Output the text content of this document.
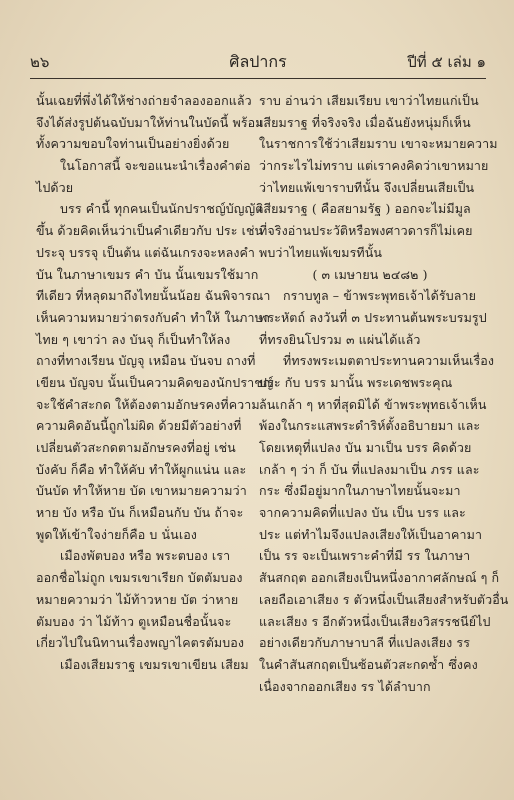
๒๖	ศิลปากร	ปีที่ ๕ เล่ม ๑
นั้นเฉยที่พึ่งได้ให้ช่างถ่ายจำลองออกแล้ว
จึงได้ส่งรูปต้นฉบับมาให้ท่านในบัดนี้ พร้อม
ทั้งความขอบใจท่านเป็นอย่างยิ่งด้วย
ในโอกาสนี้ จะขอแนะนำเรื่องคำต่อ
ไปด้วย
บรร คำนี้ ทุกคนเป็นนักปราชญ์บัญญัติ
ขึ้น ด้วยคิดเห็นว่าเป็นคำเดียวกับ ประ เช่น
ประจุ บรรจุ เป็นต้น แต่ฉันเกรงจะหลงคำ
บัน ในภาษาเขมร คำ บัน นั้นเขมรใช้มาก
ทีเดียว ที่หลุดมาถึงไทยนั้นน้อย ฉันพิจารณา
เห็นความหมายว่าตรงกับคำ ทำให้ ในภาษา
ไทย ๆ เขาว่า ลง บันจุ ก็เป็นทำให้ลง
ถางที่ทางเรียน บัญจุ เหมือน บันจบ ถางที่
เขียน บัญจบ นั้นเป็นความคิดของนักปราชญ์
จะใช้คำสะกด ให้ต้องตามอักษรคงที่ความ
ความคิดอันนี้ถูกไม่ผิด ด้วยมีตัวอย่างที่
เปลี่ยนตัวสะกดตามอักษรคงที่อยู่ เช่น
บังคับ ก็คือ ทำให้คับ ทำให้ผูกแน่น และ
บันบัด ทำให้หาย บัด เขาหมายความว่า
หาย บัง หรือ บัน ก็เหมือนกับ บัน ถ้าจะ
พูดให้เข้าใจง่ายก็คือ บ นั่นเอง
เมืองพัตบอง หรือ พระตบอง เรา
ออกชื่อไม่ถูก เขมรเขาเรียก บัตตัมบอง
หมายความว่า ไม้ท้าวหาย บัต ว่าหาย
ตัมบอง ว่า ไม้ท้าว ตูเหมือนชื่อนั้นจะ
เกี่ยวไปในนิทานเรื่องพญาไคตรตัมบอง
เมืองเสียมราฐ เขมรเขาเขียน เสียม
ราบ อ่านว่า เสียมเรียบ เขาว่าไทยแก่เป็น
เสียมราฐ ที่จริงจริง เมื่อฉันยังหนุ่มก็เห็น
ในราชการใช้ว่าเสียมราบ เขาจะหมายความ
ว่ากระไรไม่ทราบ แต่เราคงคิดว่าเขาหมาย
ว่าไทยแพ้เขาราบทีนั้น จึงเปลี่ยนเสียเป็น
เสียมราฐ ( คือสยามรัฐ ) ออกจะไม่มีมูล
ที่จริงอ่านประวัติหรือพงศาวดารก็ไม่เคย
พบว่าไทยแพ้เขมรทีนั้น
( ๓ เมษายน ๒๔๘๒ )
กราบทูล – ข้าพระพุทธเจ้าได้รับลาย
พระหัตถ์ ลงวันที่ ๓ ประทานต้นพระบรมรูป
ที่ทรงยินโปรวม ๓ แผ่นได้แล้ว
ที่ทรงพระเมตตาประทานความเห็นเรื่อง
ประ กับ บรร มานั้น พระเดชพระคุณ
ล้นเกล้า ๆ หาที่สุดมิได้ ข้าพระพุทธเจ้าเห็น
พ้องในกระแสพระดำริห์ตั้งอธิบายมา และ
โดยเหตุที่แปลง บัน มาเป็น บรร คิดด้วย
เกล้า ๆ ว่า ก็ บัน ที่แปลงมาเป็น ภรร และ
กระ ซึ่งมีอยู่มากในภาษาไทยนั้นจะมา
จากความคิดที่แปลง บัน เป็น บรร และ
ประ แต่ทำไมจึงแปลงเสียงให้เป็นอาคามา
เป็น รร จะเป็นเพราะคำที่มี รร ในภาษา
สันสกฤต ออกเสียงเป็นหนึ่งอากาศลักษณ์ ๆ ก็
เลยถือเอาเสียง ร ตัวหนึ่งเป็นเสียงสำหรับตัวอื่น
และเสียง ร อีกตัวหนึ่งเป็นเสียงวิสรรชนีย์ไป
อย่างเดียวกับภาษาบาลี ที่แปลงเสียง รร
ในคำสันสกฤตเป็นซ้อนตัวสะกดซ้ำ ซึ่งคง
เนื่องจากออกเสียง รร ได้ลำบาก
